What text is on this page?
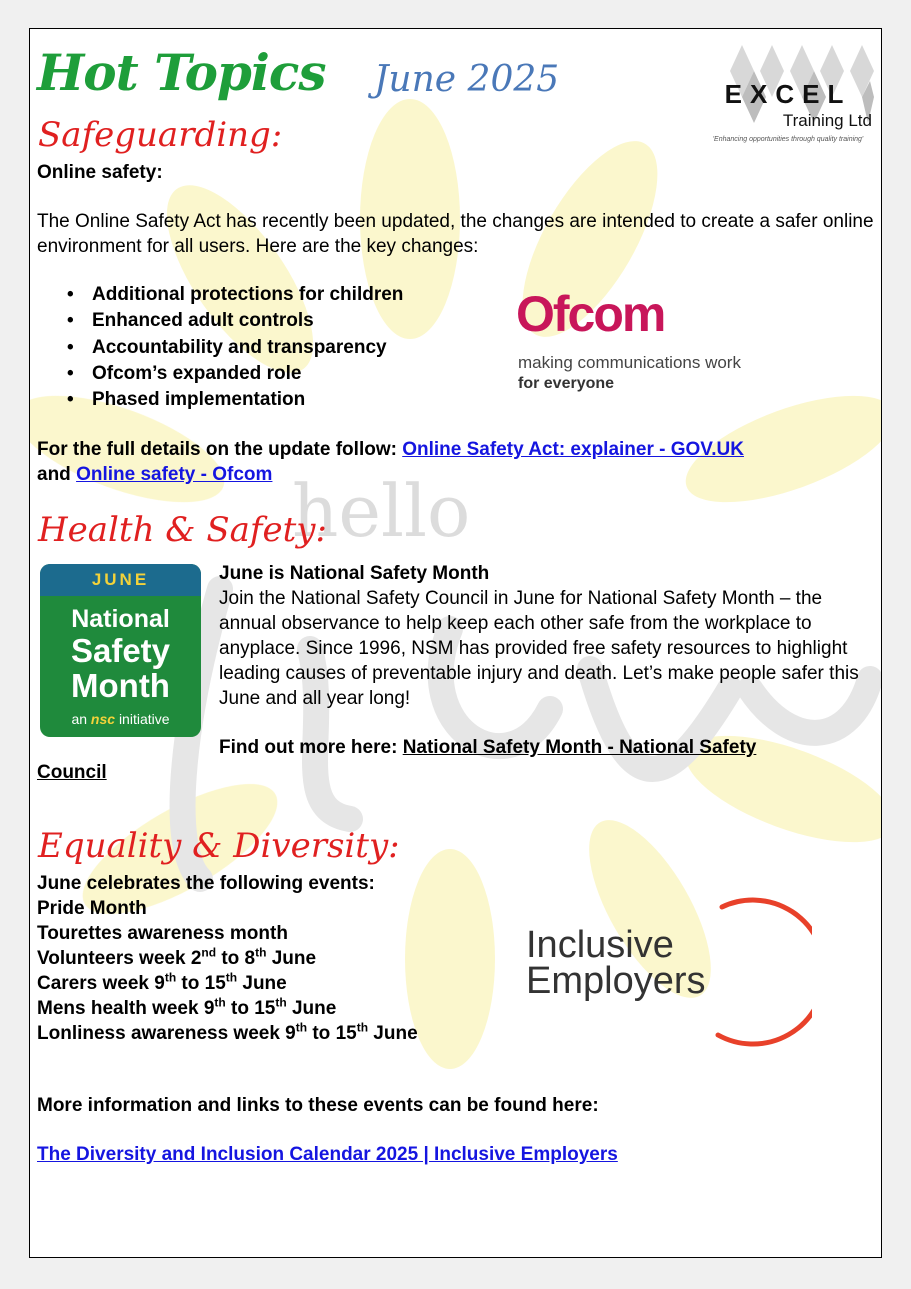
hello
Hot Topics June 2025	EXCEL
Training Ltd
'Enhancing opportunities through quality training'
Safeguarding:
Online safety:
The Online Safety Act has recently been updated, the changes are intended to create a safer online environment for all users. Here are the key changes:
• Additional protections for children
• Enhanced adult controls
• Accountability and transparency
• Ofcom’s expanded role
• Phased implementation
Ofcom
making communications work
for everyone
For the full details on the update follow: Online Safety Act: explainer - GOV.UK
and Online safety - Ofcom
Health & Safety:
JUNE
National
Safety
Month
an nsc initiative
June is National Safety Month
Join the National Safety Council in June for National Safety Month – the annual observance to help keep each other safe from the workplace to anyplace. Since 1996, NSM has provided free safety resources to highlight leading causes of preventable injury and death. Let’s make people safer this June and all year long!
Find out more here: National Safety Month - National Safety
Council
Equality & Diversity:
June celebrates the following events:
Pride Month
Tourettes awareness month
Volunteers week 2nd to 8th June
Carers week 9th to 15th June
Mens health week 9th to 15th June
Lonliness awareness week 9th to 15th June
Inclusive
Employers
More information and links to these events can be found here:
The Diversity and Inclusion Calendar 2025 | Inclusive Employers
